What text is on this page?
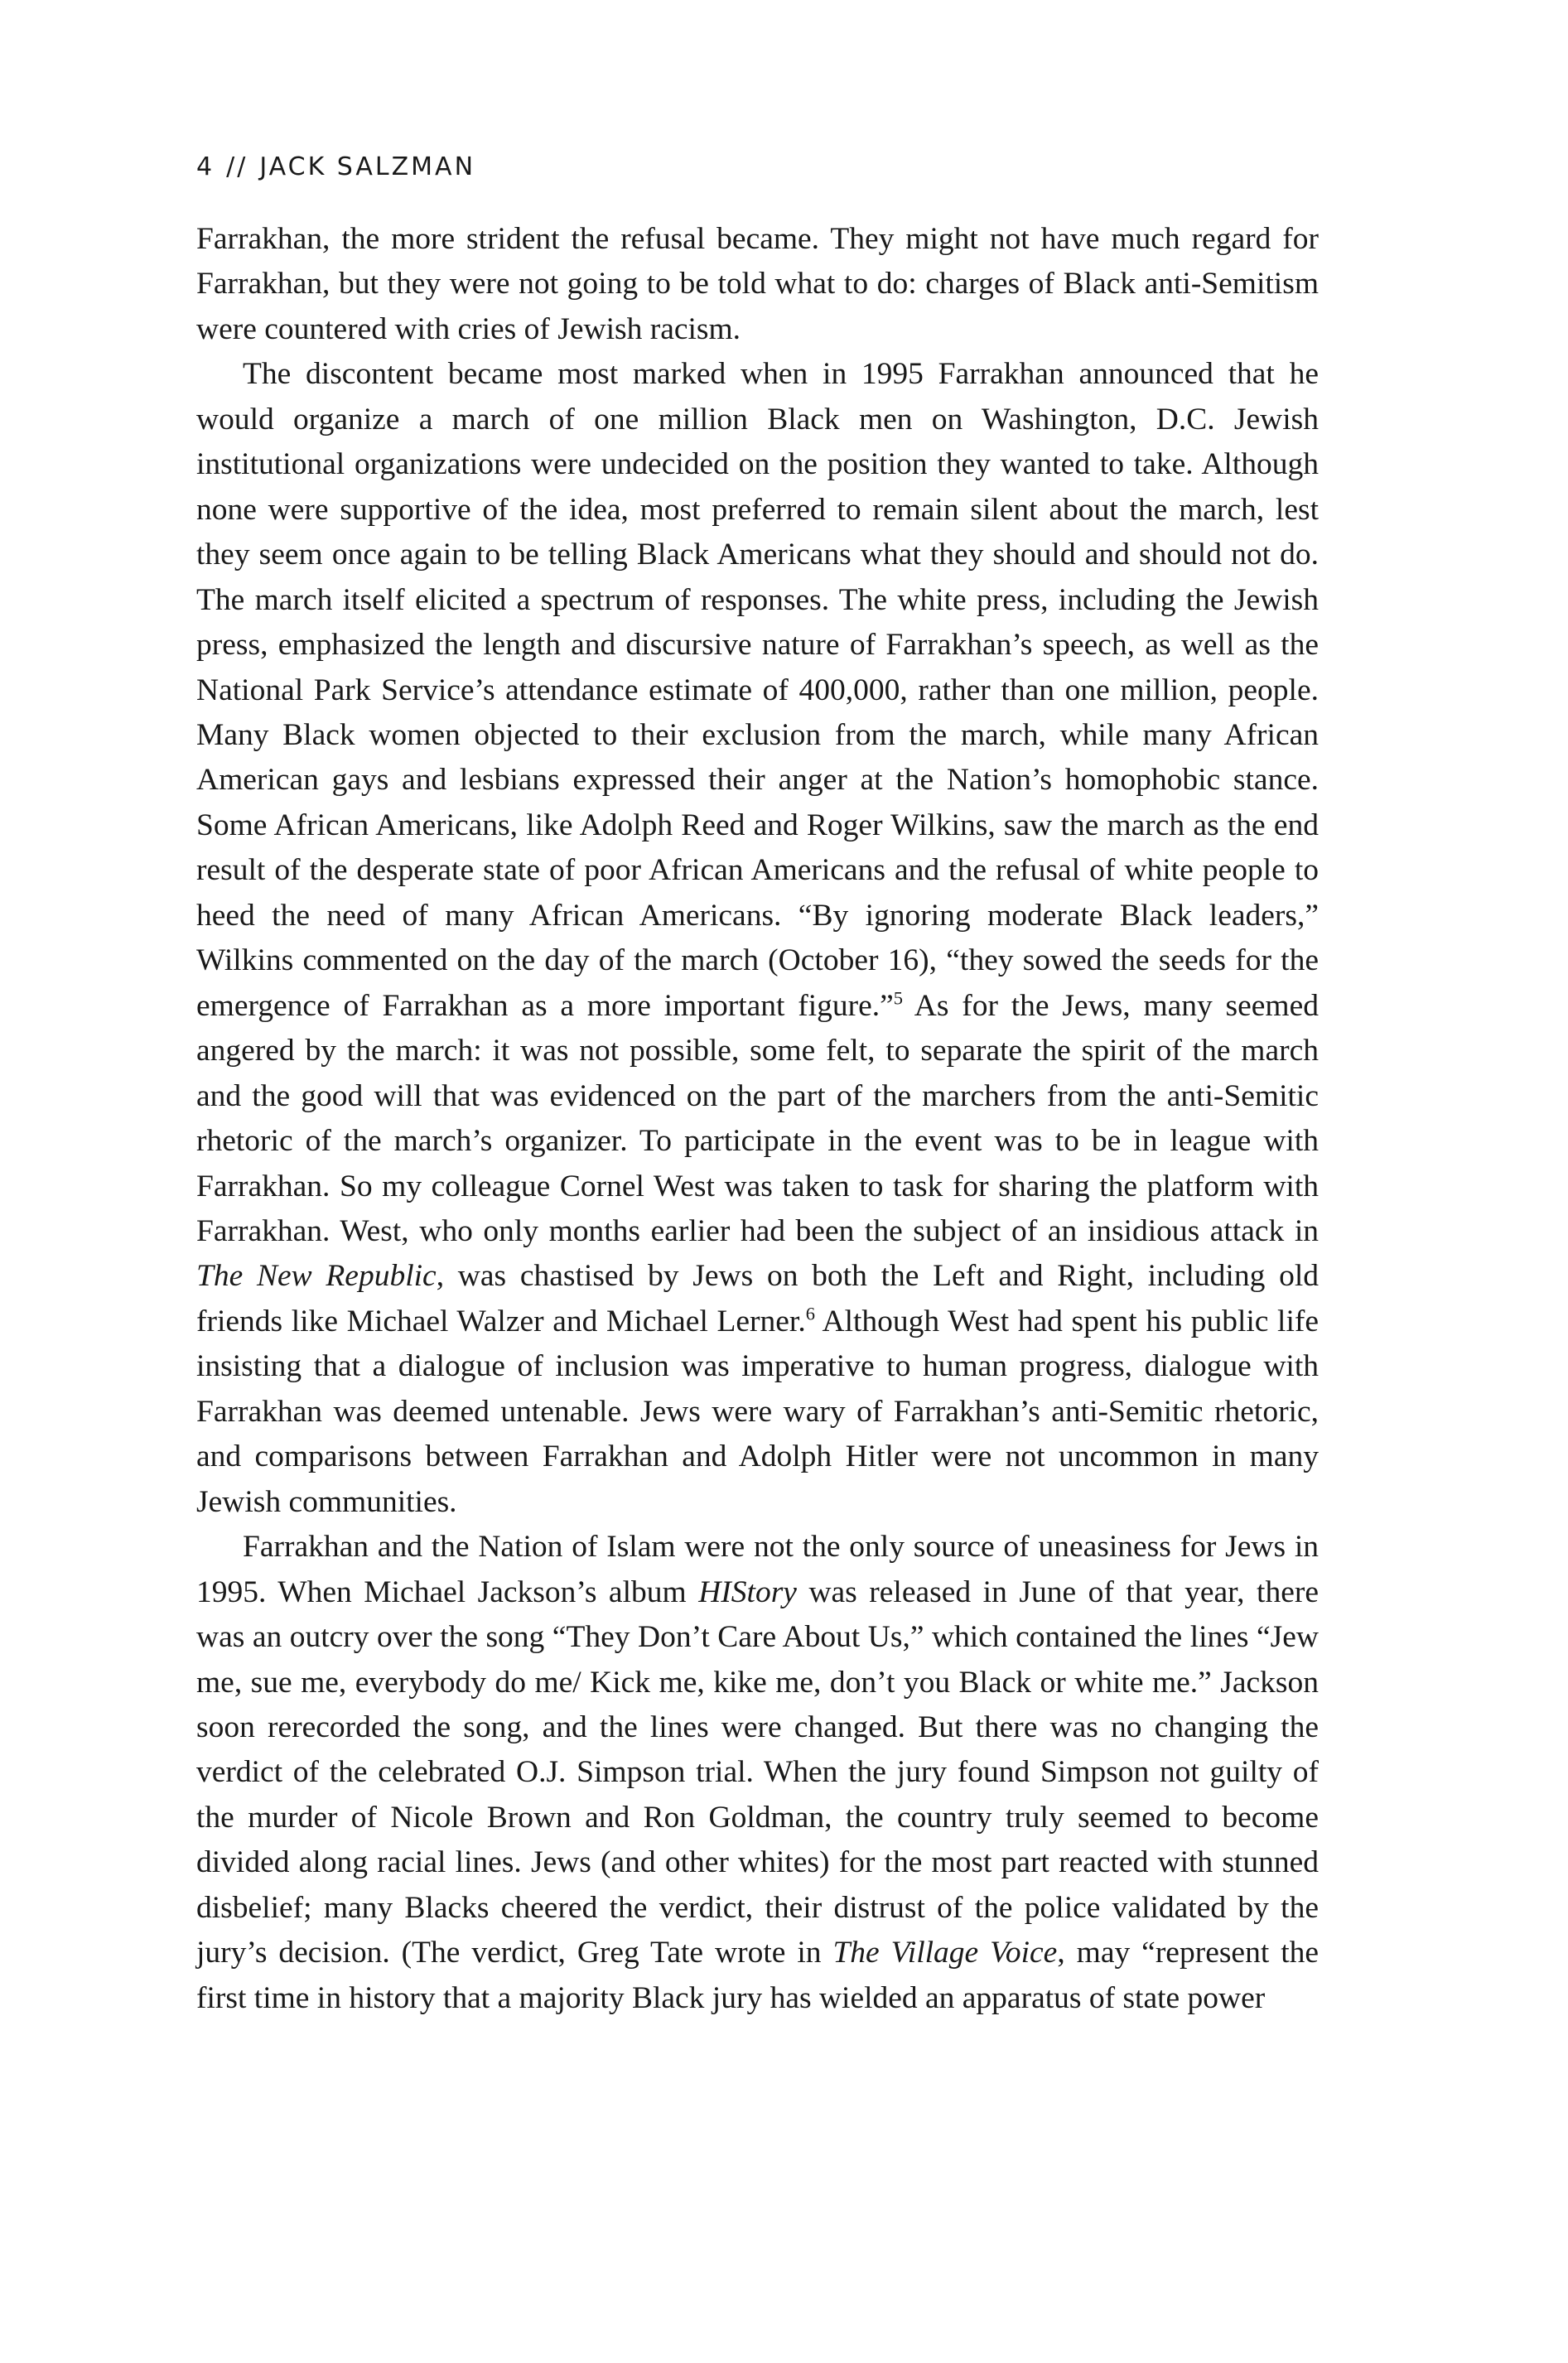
4 // JACK SALZMAN

Farrakhan, the more strident the refusal became. They might not have much regard for Farrakhan, but they were not going to be told what to do: charges of Black anti-Semitism were countered with cries of Jewish racism.

The discontent became most marked when in 1995 Farrakhan announced that he would organize a march of one million Black men on Washington, D.C. Jewish institutional organizations were undecided on the position they wanted to take. Although none were supportive of the idea, most preferred to remain silent about the march, lest they seem once again to be telling Black Americans what they should and should not do. The march itself elicited a spectrum of responses. The white press, including the Jewish press, emphasized the length and discursive nature of Farrakhan’s speech, as well as the National Park Service’s attendance estimate of 400,000, rather than one million, people. Many Black women objected to their exclusion from the march, while many African American gays and lesbians expressed their anger at the Nation’s homophobic stance. Some African Americans, like Adolph Reed and Roger Wilkins, saw the march as the end result of the desperate state of poor African Americans and the refusal of white people to heed the need of many African Americans. “By ignoring moderate Black leaders,” Wilkins commented on the day of the march (October 16), “they sowed the seeds for the emergence of Farrakhan as a more important figure.”$^5$ As for the Jews, many seemed angered by the march: it was not possible, some felt, to separate the spirit of the march and the good will that was evidenced on the part of the marchers from the anti-Semitic rhetoric of the march’s organizer. To participate in the event was to be in league with Farrakhan. So my colleague Cornel West was taken to task for sharing the platform with Farrakhan. West, who only months earlier had been the subject of an insidious attack in The New Republic, was chastised by Jews on both the Left and Right, including old friends like Michael Walzer and Michael Lerner.$^6$ Although West had spent his public life insisting that a dialogue of inclusion was imperative to human progress, dialogue with Farrakhan was deemed untenable. Jews were wary of Farrakhan’s anti-Semitic rhetoric, and comparisons between Farrakhan and Adolph Hitler were not uncommon in many Jewish communities.

Farrakhan and the Nation of Islam were not the only source of uneasiness for Jews in 1995. When Michael Jackson’s album HIStory was released in June of that year, there was an outcry over the song “They Don’t Care About Us,” which contained the lines “Jew me, sue me, everybody do me/ Kick me, kike me, don’t you Black or white me.” Jackson soon rerecorded the song, and the lines were changed. But there was no changing the verdict of the celebrated O.J. Simpson trial. When the jury found Simpson not guilty of the murder of Nicole Brown and Ron Goldman, the country truly seemed to become divided along racial lines. Jews (and other whites) for the most part reacted with stunned disbelief; many Blacks cheered the verdict, their distrust of the police validated by the jury’s decision. (The verdict, Greg Tate wrote in The Village Voice, may “represent the first time in history that a majority Black jury has wielded an apparatus of state power
